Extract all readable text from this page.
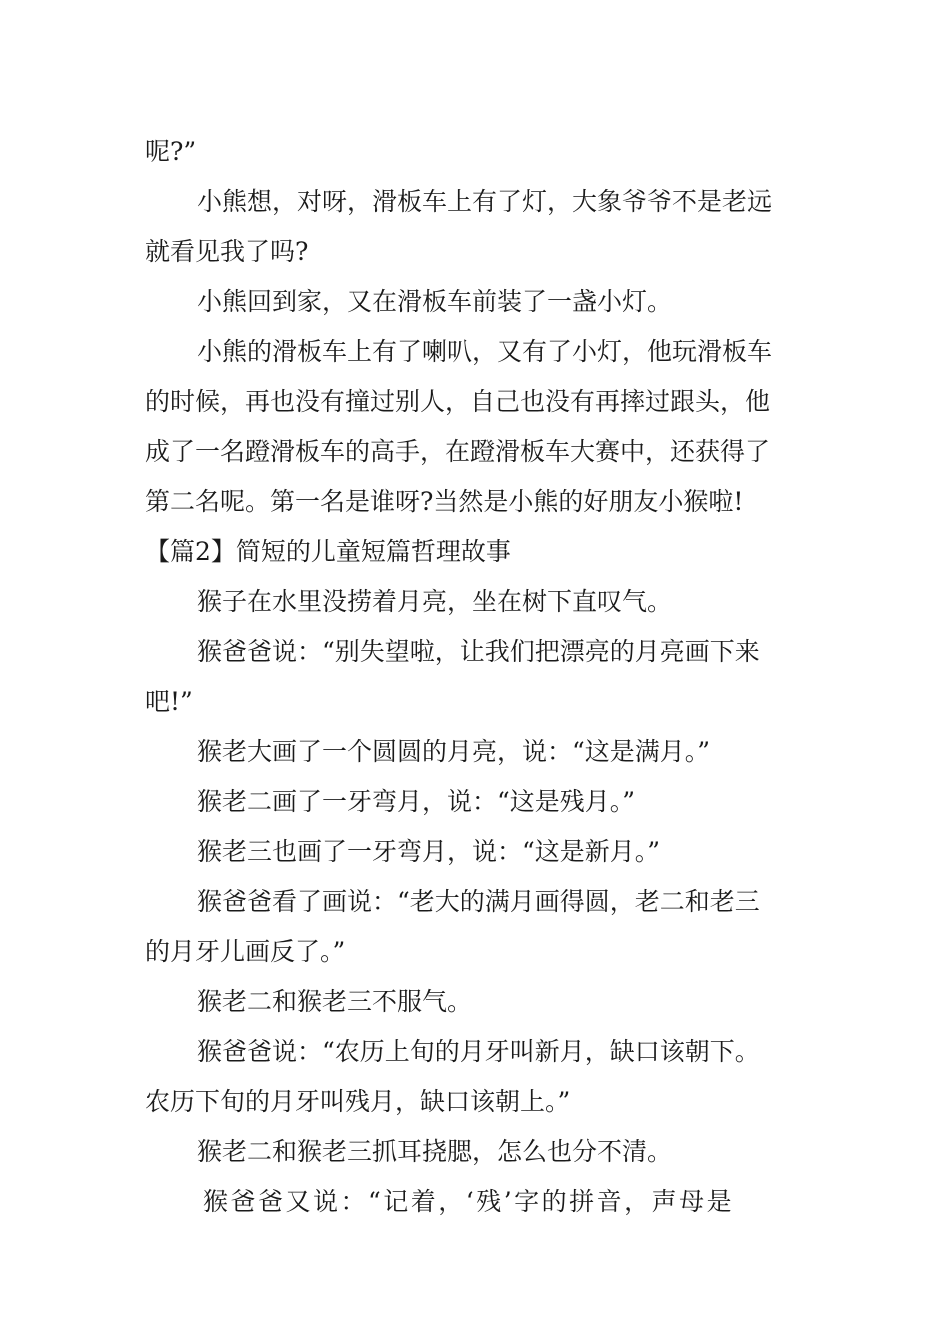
呢?”
小熊想，对呀，滑板车上有了灯，大象爷爷不是老远
就看见我了吗?
小熊回到家，又在滑板车前装了一盏小灯。
小熊的滑板车上有了喇叭，又有了小灯，他玩滑板车
的时候，再也没有撞过别人，自己也没有再摔过跟头，他
成了一名蹬滑板车的高手，在蹬滑板车大赛中，还获得了
第二名呢。第一名是谁呀?当然是小熊的好朋友小猴啦!
【篇2】简短的儿童短篇哲理故事
猴子在水里没捞着月亮，坐在树下直叹气。
猴爸爸说：“别失望啦，让我们把漂亮的月亮画下来
吧!”
猴老大画了一个圆圆的月亮，说：“这是满月。”
猴老二画了一牙弯月，说：“这是残月。”
猴老三也画了一牙弯月，说：“这是新月。”
猴爸爸看了画说：“老大的满月画得圆，老二和老三
的月牙儿画反了。”
猴老二和猴老三不服气。
猴爸爸说：“农历上旬的月牙叫新月，缺口该朝下。
农历下旬的月牙叫残月，缺口该朝上。”
猴老二和猴老三抓耳挠腮，怎么也分不清。
猴爸爸又说：“记着，‘残’字的拼音，声母是
